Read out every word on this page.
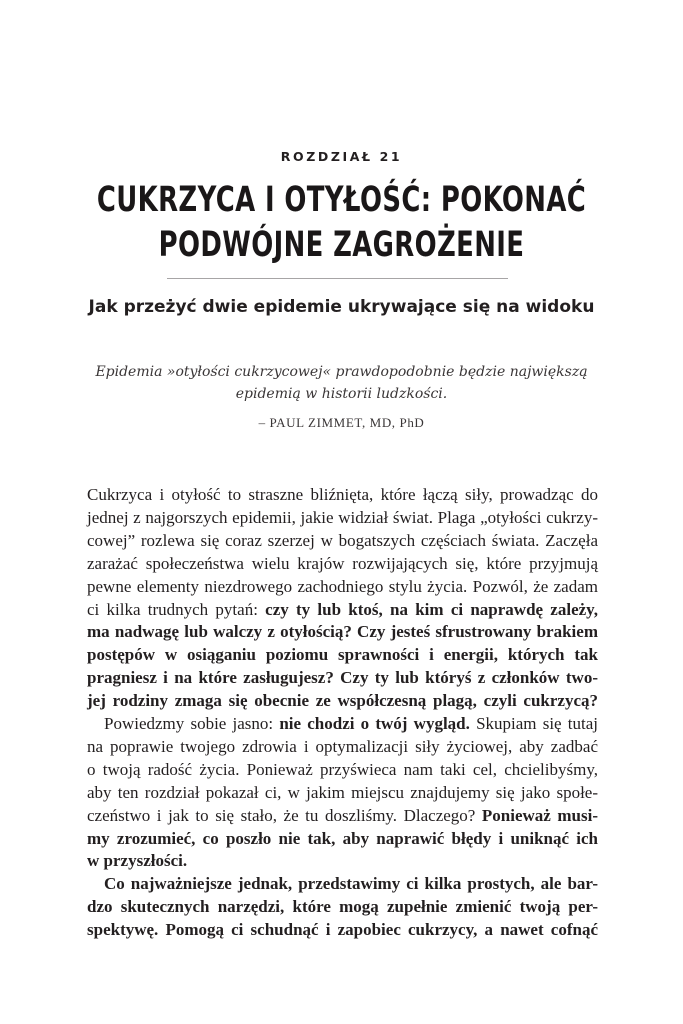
ROZDZIAŁ 21
CUKRZYCA I OTYŁOŚĆ: POKONAĆ
PODWÓJNE ZAGROŻENIE
Jak przeżyć dwie epidemie ukrywające się na widoku
Epidemia »otyłości cukrzycowej« prawdopodobnie będzie największą
epidemią w historii ludzkości.
– PAUL ZIMMET, MD, PhD
Cukrzyca i otyłość to straszne bliźnięta, które łączą siły, prowadząc do
jednej z najgorszych epidemii, jakie widział świat. Plaga „otyłości cukrzy-
cowej” rozlewa się coraz szerzej w bogatszych częściach świata. Zaczęła
zarażać społeczeństwa wielu krajów rozwijających się, które przyjmują
pewne elementy niezdrowego zachodniego stylu życia. Pozwól, że zadam
ci kilka trudnych pytań: czy ty lub ktoś, na kim ci naprawdę zależy,
ma nadwagę lub walczy z otyłością? Czy jesteś sfrustrowany brakiem
postępów w osiąganiu poziomu sprawności i energii, których tak
pragniesz i na które zasługujesz? Czy ty lub któryś z członków two-
jej rodziny zmaga się obecnie ze współczesną plagą, czyli cukrzycą?
Powiedzmy sobie jasno: nie chodzi o twój wygląd. Skupiam się tutaj
na poprawie twojego zdrowia i optymalizacji siły życiowej, aby zadbać
o twoją radość życia. Ponieważ przyświeca nam taki cel, chcielibyśmy,
aby ten rozdział pokazał ci, w jakim miejscu znajdujemy się jako społe-
czeństwo i jak to się stało, że tu doszliśmy. Dlaczego? Ponieważ musi-
my zrozumieć, co poszło nie tak, aby naprawić błędy i uniknąć ich
w przyszłości.
Co najważniejsze jednak, przedstawimy ci kilka prostych, ale bar-
dzo skutecznych narzędzi, które mogą zupełnie zmienić twoją per-
spektywę. Pomogą ci schudnąć i zapobiec cukrzycy, a nawet cofnąć
